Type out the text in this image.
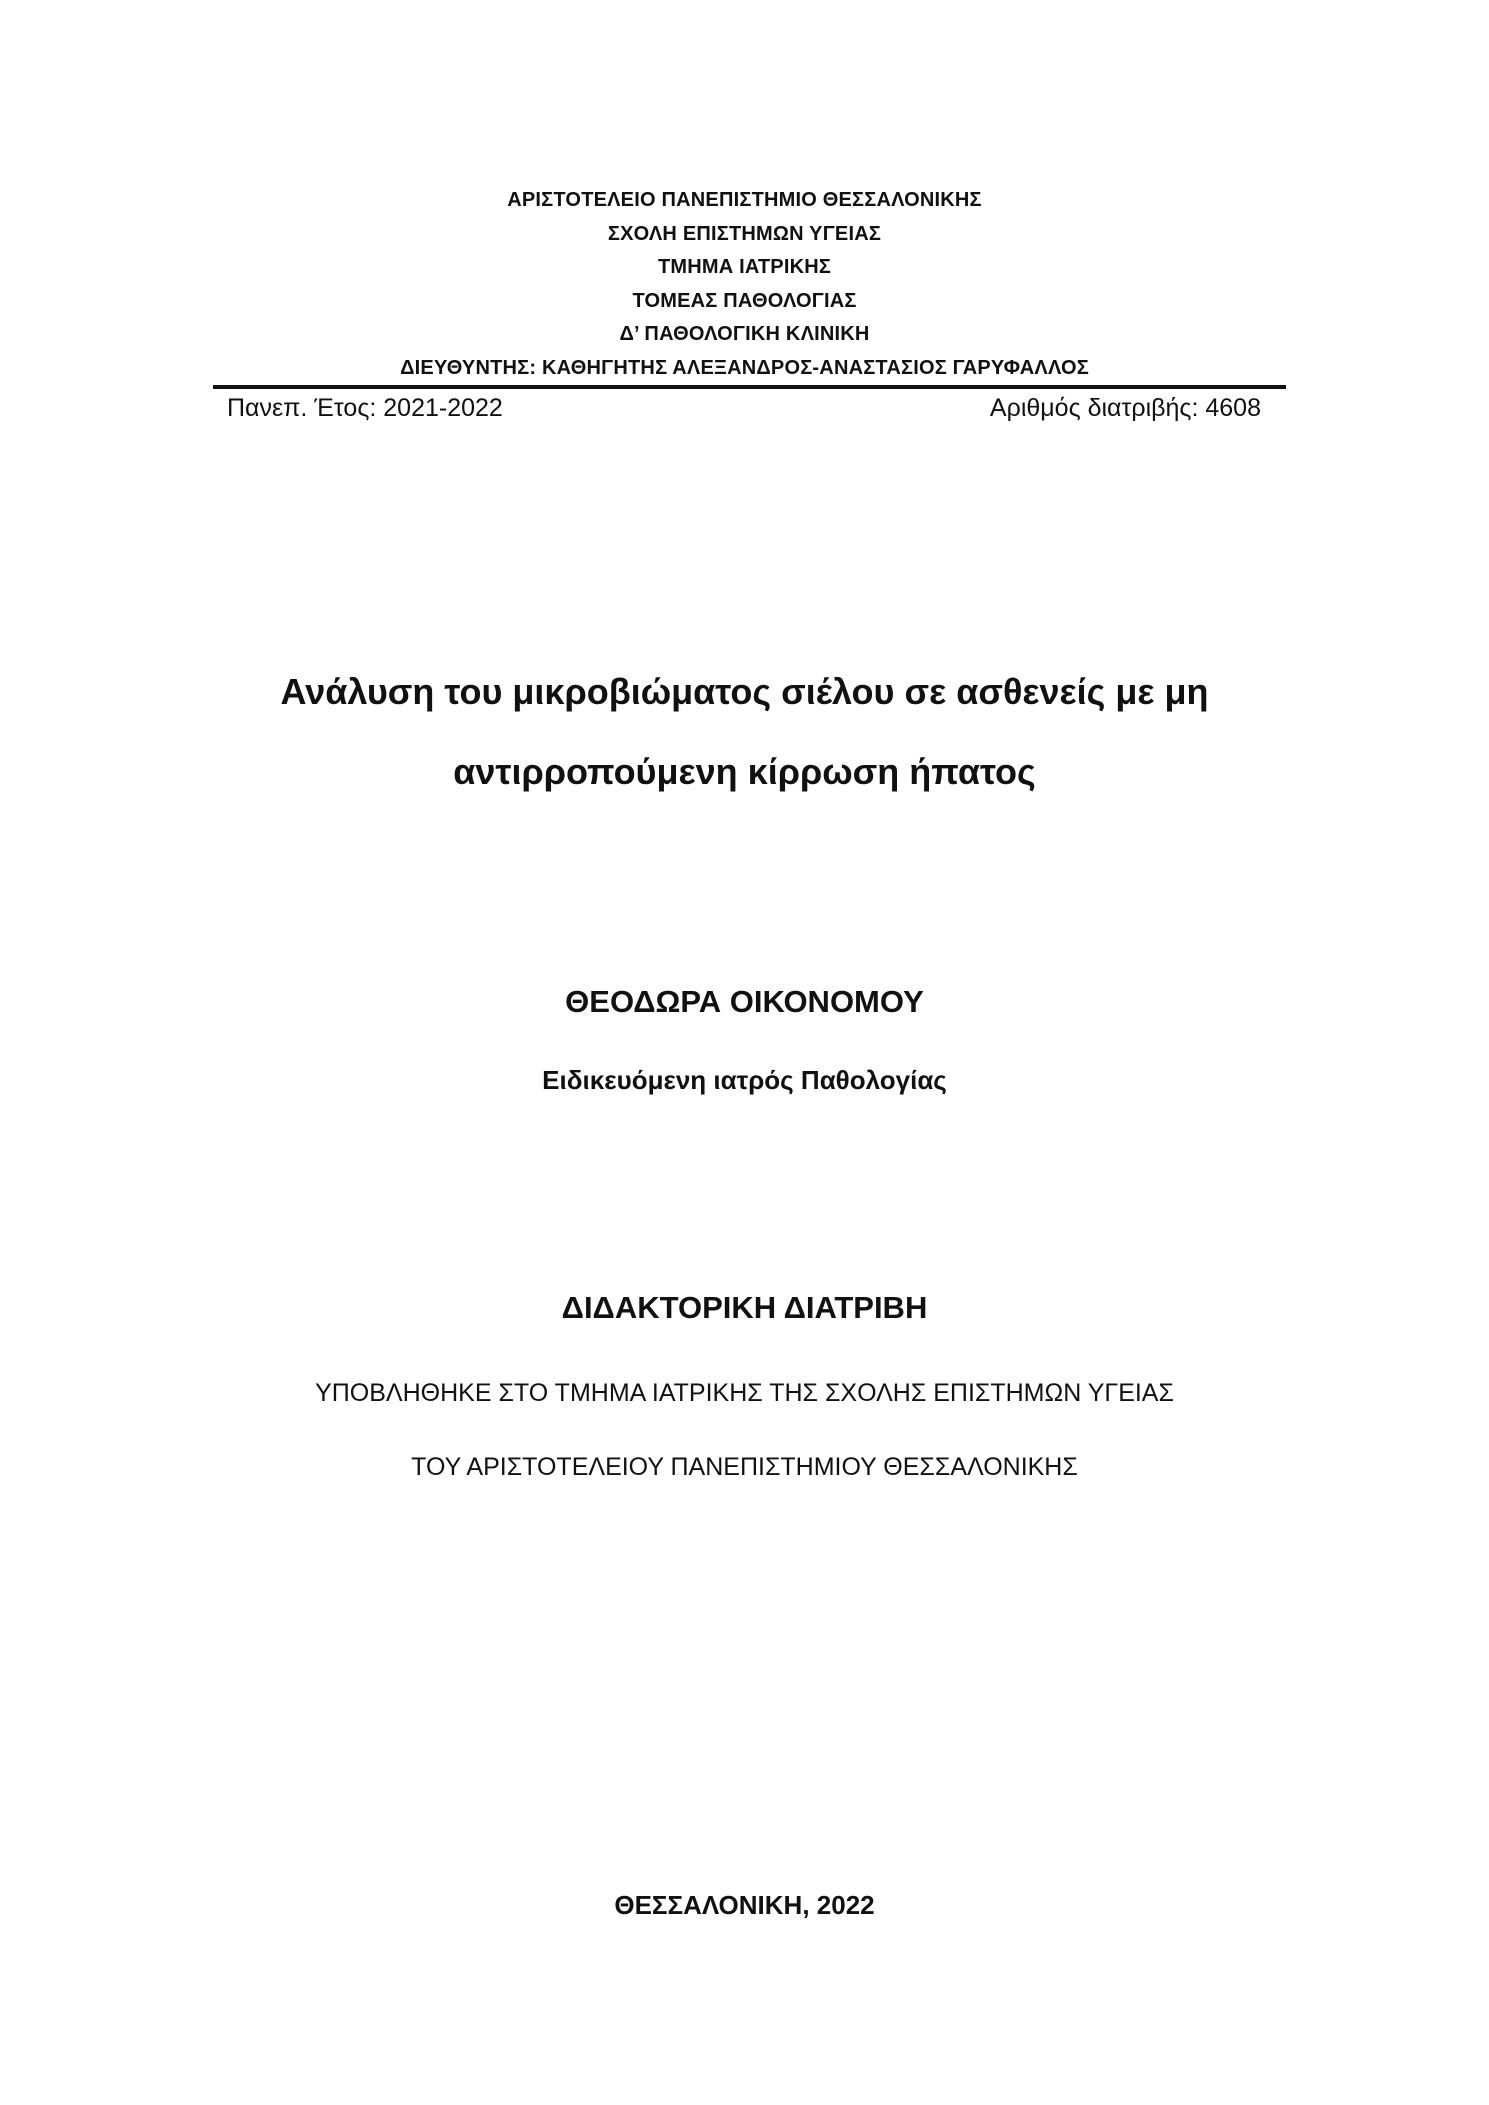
ΑΡΙΣΤΟΤΕΛΕΙΟ ΠΑΝΕΠΙΣΤΗΜΙΟ ΘΕΣΣΑΛΟΝΙΚΗΣ
ΣΧΟΛΗ ΕΠΙΣΤΗΜΩΝ ΥΓΕΙΑΣ
ΤΜΗΜΑ ΙΑΤΡΙΚΗΣ
ΤΟΜΕΑΣ ΠΑΘΟΛΟΓΙΑΣ
Δ’ ΠΑΘΟΛΟΓΙΚΗ ΚΛΙΝΙΚΗ
ΔΙΕΥΘΥΝΤΗΣ: ΚΑΘΗΓΗΤΗΣ ΑΛΕΞΑΝΔΡΟΣ-ΑΝΑΣΤΑΣΙΟΣ ΓΑΡΥΦΑΛΛΟΣ
Πανεπ. Έτος: 2021-2022	Αριθμός διατριβής: 4608
Ανάλυση του μικροβιώματος σιέλου σε ασθενείς με μη
αντιρροπούμενη κίρρωση ήπατος
ΘΕΟΔΩΡΑ ΟΙΚΟΝΟΜΟΥ
Ειδικευόμενη ιατρός Παθολογίας
ΔΙΔΑΚΤΟΡΙΚΗ ΔΙΑΤΡΙΒΗ
ΥΠΟΒΛΗΘΗΚΕ ΣΤΟ ΤΜΗΜΑ ΙΑΤΡΙΚΗΣ ΤΗΣ ΣΧΟΛΗΣ ΕΠΙΣΤΗΜΩΝ ΥΓΕΙΑΣ
ΤΟΥ ΑΡΙΣΤΟΤΕΛΕΙΟΥ ΠΑΝΕΠΙΣΤΗΜΙΟΥ ΘΕΣΣΑΛΟΝΙΚΗΣ
ΘΕΣΣΑΛΟΝΙΚΗ, 2022
